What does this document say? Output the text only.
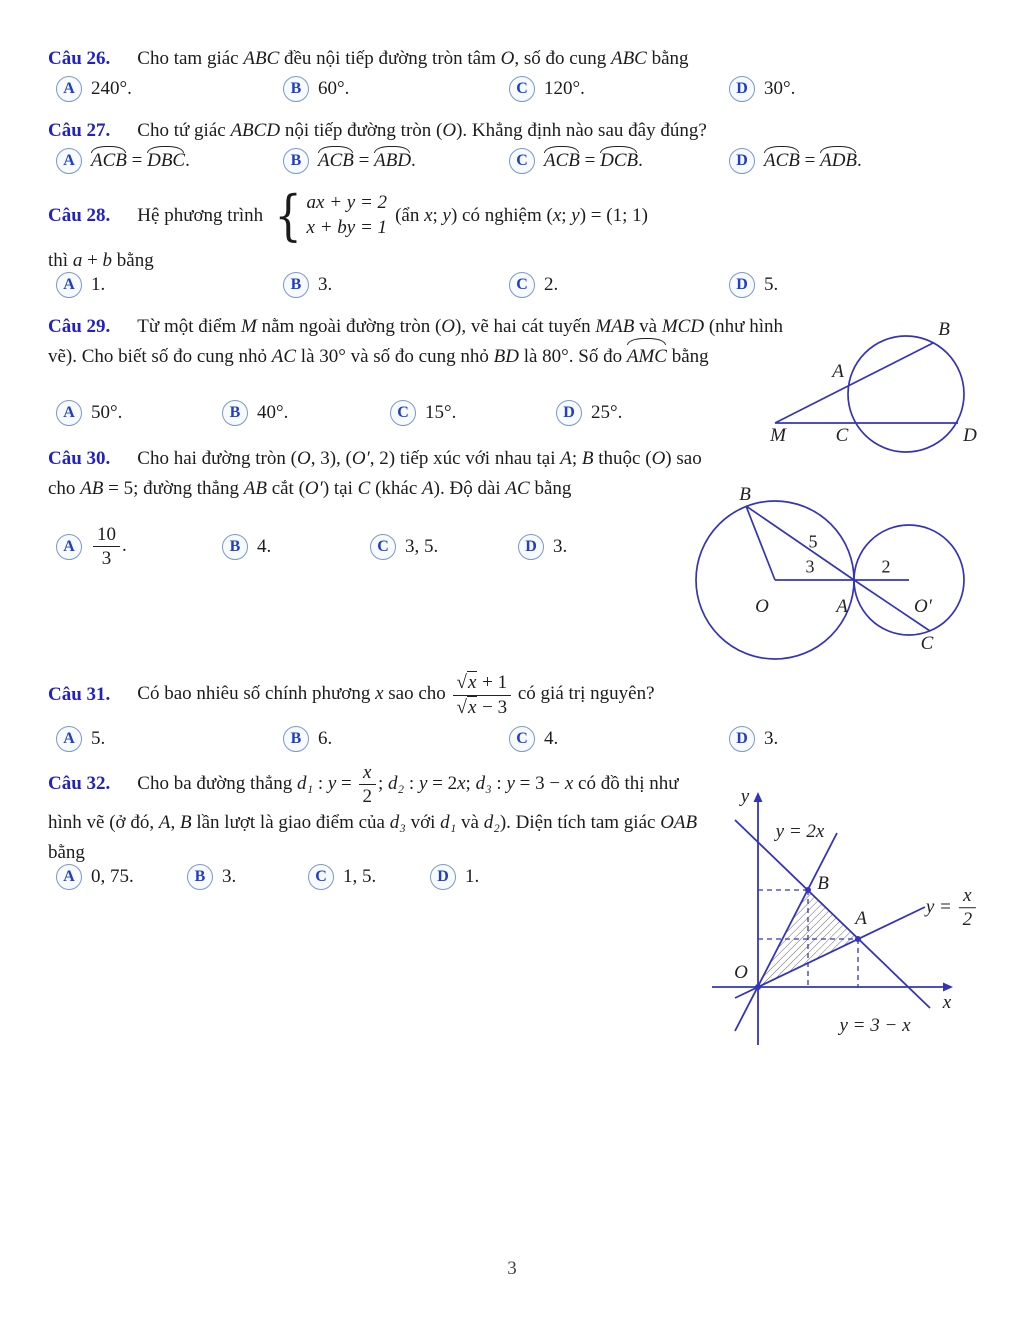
Câu 26. Cho tam giác ABC đều nội tiếp đường tròn tâm O, số đo cung ABC bằng
A 240°.	B 60°.	C 120°.	D 30°.
Câu 27. Cho tứ giác ABCD nội tiếp đường tròn (O). Khẳng định nào sau đây đúng?
A ACB = DBC.	B ACB = ABD.	C ACB = DCB.	D ACB = ADB.
Câu 28. Hệ phương trình { ax + y = 2
x + by = 1
(ẩn x; y) có nghiệm (x; y) = (1; 1)
thì a + b bằng
A 1.	B 3.	C 2.	D 5.
Câu 29. Từ một điểm M nằm ngoài đường tròn (O), vẽ hai cát tuyến MAB và MCD (như hình vẽ). Cho biết số đo cung nhỏ AC là 30° và số đo cung nhỏ BD là 80°. Số đo AMC bằng
A 50°.	B 40°.	C 15°.	D 25°.
M	C	D
A
B
Câu 30. Cho hai đường tròn (O, 3), (O′, 2) tiếp xúc với nhau tại A; B thuộc (O) sao cho AB = 5; đường thẳng AB cắt (O′) tại C (khác A). Độ dài AC bằng
A $\frac{10}{3}$ .	B 4.	C 3, 5.	D 3.
B
O	A	O′
C
5
3	2
Câu 31. Có bao nhiêu số chính phương x sao cho $\frac{√x + 1}{√x - 3}$ có giá trị nguyên?
A 5.	B 6.	C 4.	D 3.
Câu 32. Cho ba đường thẳng d₁ : $y = \frac{x}{2}$ ; d₂ : y = 2x; d₃ : y = 3 − x có đồ thị như hình vẽ (ở đó, A, B lần lượt là giao điểm của d₃ với d₁ và d₂). Diện tích tam giác OAB bằng
A 0, 75.	B 3.	C 1, 5.	D 1.
y
x
O
B
A
y = 2x
y = 3 − x
$y = \frac{x}{2}$
3
